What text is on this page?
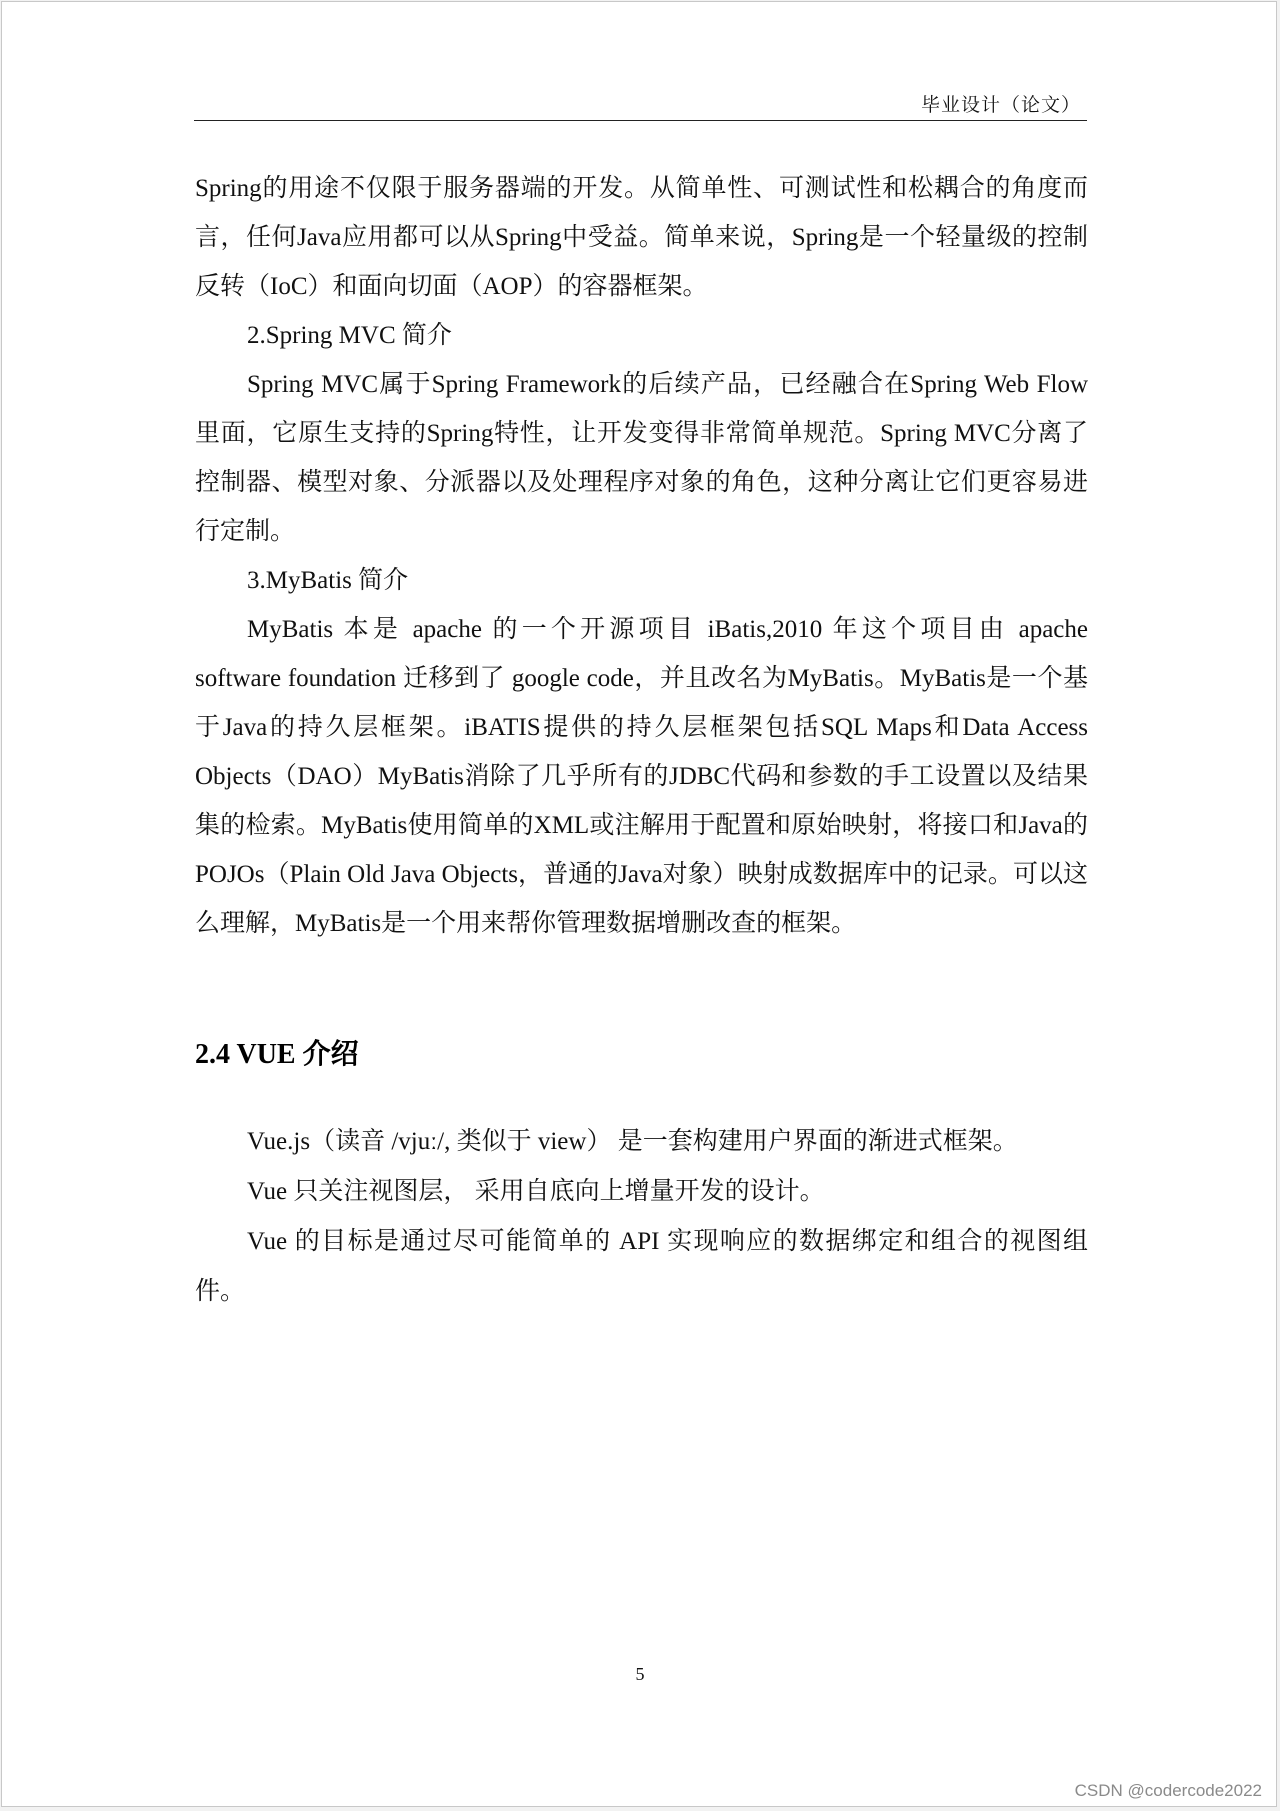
毕业设计（论文）

Spring的用途不仅限于服务器端的开发。从简单性、可测试性和松耦合的角度而言，任何Java应用都可以从Spring中受益。简单来说，Spring是一个轻量级的控制反转（IoC）和面向切面（AOP）的容器框架。

2.Spring MVC 简介

Spring MVC属于Spring Framework的后续产品，已经融合在Spring Web Flow里面，它原生支持的Spring特性，让开发变得非常简单规范。Spring MVC分离了控制器、模型对象、分派器以及处理程序对象的角色，这种分离让它们更容易进行定制。

3.MyBatis 简介

MyBatis 本是 apache 的一个开源项目 iBatis,2010 年这个项目由 apache software foundation 迁移到了 google code，并且改名为MyBatis。MyBatis是一个基于Java的持久层框架。iBATIS提供的持久层框架包括SQL Maps和Data Access Objects（DAO）MyBatis消除了几乎所有的JDBC代码和参数的手工设置以及结果集的检索。MyBatis使用简单的XML或注解用于配置和原始映射，将接口和Java的POJOs（Plain Old Java Objects，普通的Java对象）映射成数据库中的记录。可以这么理解，MyBatis是一个用来帮你管理数据增删改查的框架。

2.4 VUE 介绍

Vue.js（读音 /vjuː/, 类似于 view） 是一套构建用户界面的渐进式框架。

Vue 只关注视图层， 采用自底向上增量开发的设计。

Vue 的目标是通过尽可能简单的 API 实现响应的数据绑定和组合的视图组件。

5
CSDN @codercode2022
